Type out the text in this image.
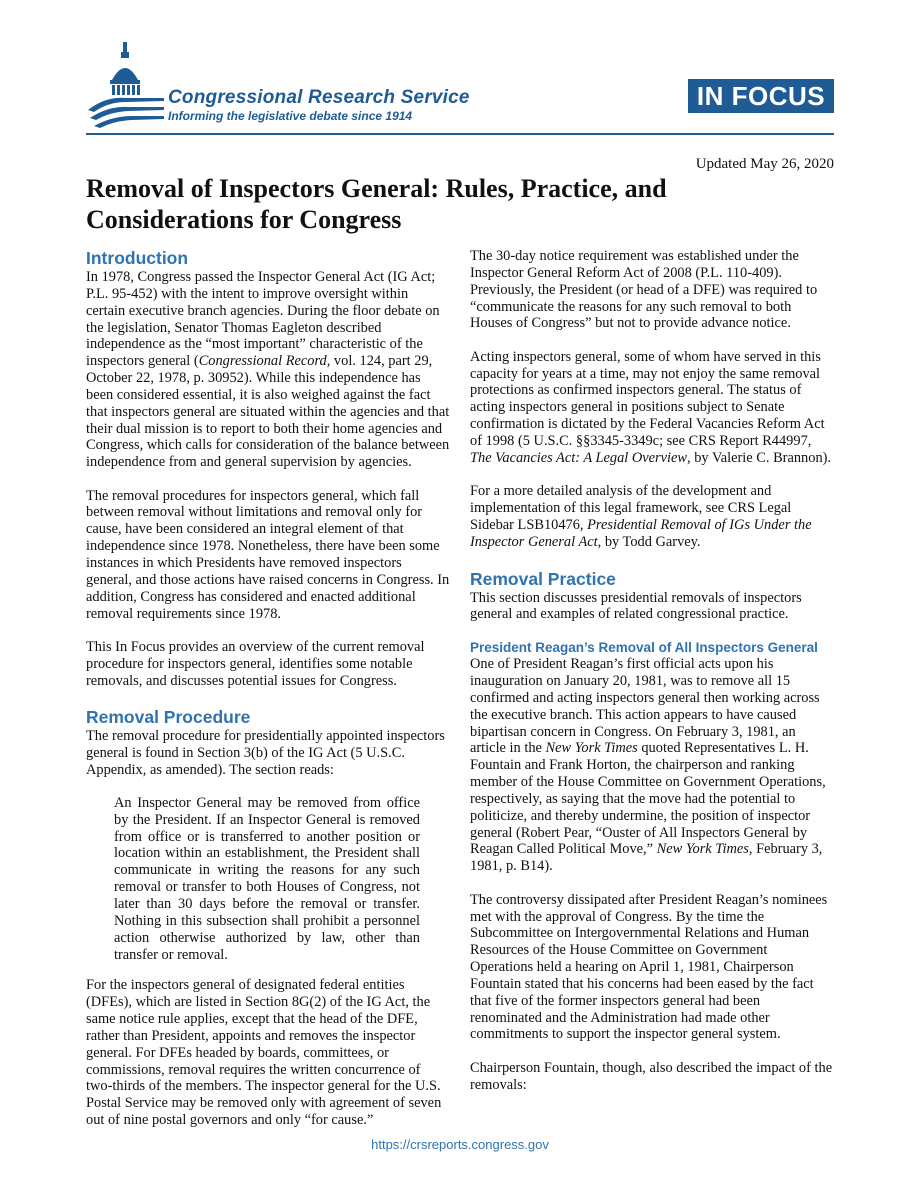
Congressional Research Service
Informing the legislative debate since 1914
IN FOCUS
Updated May 26, 2020
Removal of Inspectors General: Rules, Practice, and Considerations for Congress
Introduction

In 1978, Congress passed the Inspector General Act (IG Act; P.L. 95-452) with the intent to improve oversight within certain executive branch agencies. During the floor debate on the legislation, Senator Thomas Eagleton described independence as the “most important” characteristic of the inspectors general (Congressional Record, vol. 124, part 29, October 22, 1978, p. 30952). While this independence has been considered essential, it is also weighed against the fact that inspectors general are situated within the agencies and that their dual mission is to report to both their home agencies and Congress, which calls for consideration of the balance between independence from and general supervision by agencies.

The removal procedures for inspectors general, which fall between removal without limitations and removal only for cause, have been considered an integral element of that independence since 1978. Nonetheless, there have been some instances in which Presidents have removed inspectors general, and those actions have raised concerns in Congress. In addition, Congress has considered and enacted additional removal requirements since 1978.

This In Focus provides an overview of the current removal procedure for inspectors general, identifies some notable removals, and discusses potential issues for Congress.

Removal Procedure

The removal procedure for presidentially appointed inspectors general is found in Section 3(b) of the IG Act (5 U.S.C. Appendix, as amended). The section reads:

An Inspector General may be removed from office by the President. If an Inspector General is removed from office or is transferred to another position or location within an establishment, the President shall communicate in writing the reasons for any such removal or transfer to both Houses of Congress, not later than 30 days before the removal or transfer. Nothing in this subsection shall prohibit a personnel action otherwise authorized by law, other than transfer or removal.

For the inspectors general of designated federal entities (DFEs), which are listed in Section 8G(2) of the IG Act, the same notice rule applies, except that the head of the DFE, rather than President, appoints and removes the inspector general. For DFEs headed by boards, committees, or commissions, removal requires the written concurrence of two-thirds of the members. The inspector general for the U.S. Postal Service may be removed only with agreement of seven out of nine postal governors and only “for cause.”

The 30-day notice requirement was established under the Inspector General Reform Act of 2008 (P.L. 110-409). Previously, the President (or head of a DFE) was required to “communicate the reasons for any such removal to both Houses of Congress” but not to provide advance notice.

Acting inspectors general, some of whom have served in this capacity for years at a time, may not enjoy the same removal protections as confirmed inspectors general. The status of acting inspectors general in positions subject to Senate confirmation is dictated by the Federal Vacancies Reform Act of 1998 (5 U.S.C. §§3345-3349c; see CRS Report R44997, The Vacancies Act: A Legal Overview, by Valerie C. Brannon).

For a more detailed analysis of the development and implementation of this legal framework, see CRS Legal Sidebar LSB10476, Presidential Removal of IGs Under the Inspector General Act, by Todd Garvey.

Removal Practice

This section discusses presidential removals of inspectors general and examples of related congressional practice.

President Reagan’s Removal of All Inspectors General

One of President Reagan’s first official acts upon his inauguration on January 20, 1981, was to remove all 15 confirmed and acting inspectors general then working across the executive branch. This action appears to have caused bipartisan concern in Congress. On February 3, 1981, an article in the New York Times quoted Representatives L. H. Fountain and Frank Horton, the chairperson and ranking member of the House Committee on Government Operations, respectively, as saying that the move had the potential to politicize, and thereby undermine, the position of inspector general (Robert Pear, “Ouster of All Inspectors General by Reagan Called Political Move,” New York Times, February 3, 1981, p. B14).

The controversy dissipated after President Reagan’s nominees met with the approval of Congress. By the time the Subcommittee on Intergovernmental Relations and Human Resources of the House Committee on Government Operations held a hearing on April 1, 1981, Chairperson Fountain stated that his concerns had been eased by the fact that five of the former inspectors general had been renominated and the Administration had made other commitments to support the inspector general system.

Chairperson Fountain, though, also described the impact of the removals:

https://crsreports.congress.gov
